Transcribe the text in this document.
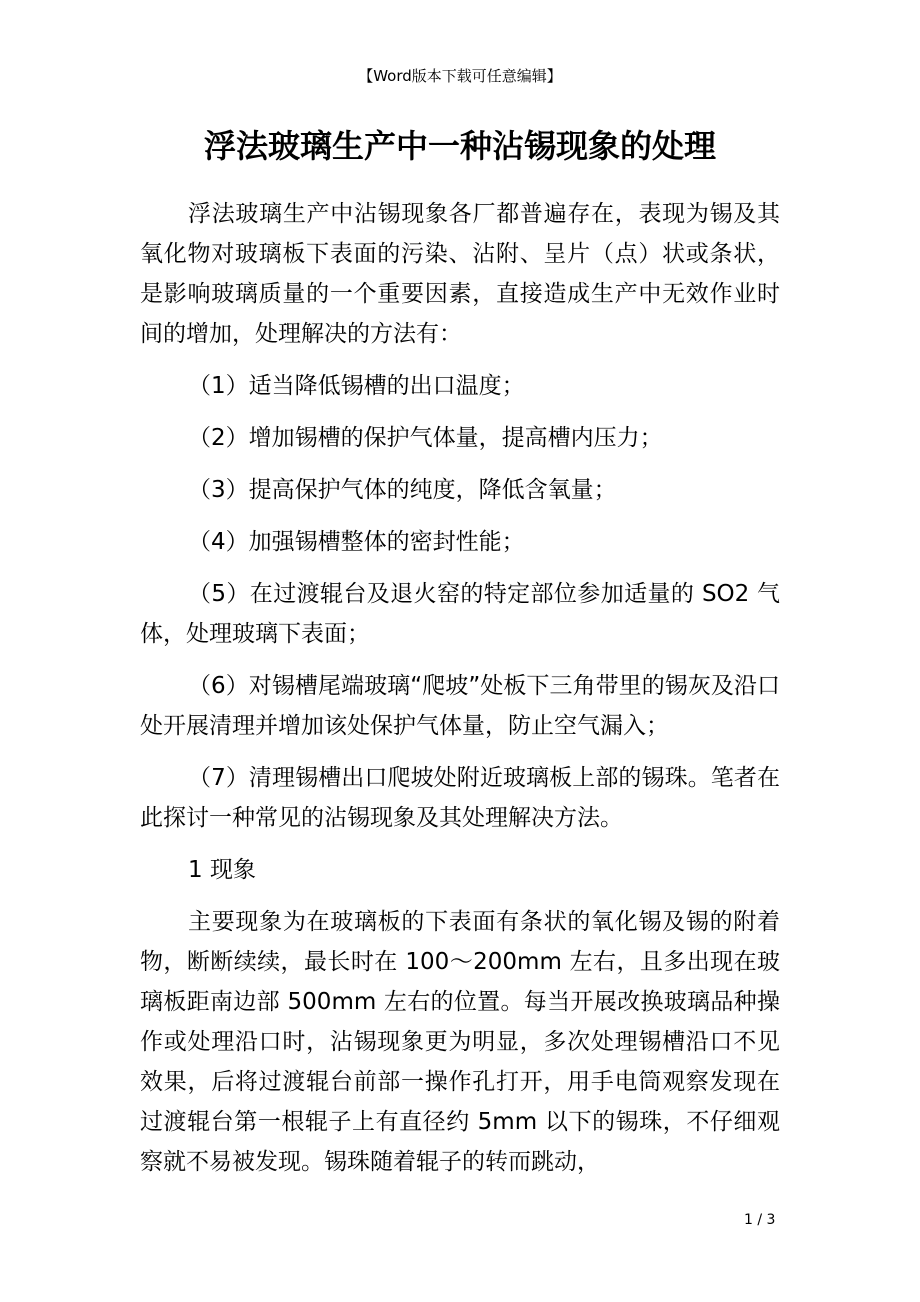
【Word版本下载可任意编辑】
浮法玻璃生产中一种沾锡现象的处理

浮法玻璃生产中沾锡现象各厂都普遍存在，表现为锡及其氧化物对玻璃板下表面的污染、沾附、呈片（点）状或条状，是影响玻璃质量的一个重要因素，直接造成生产中无效作业时间的增加，处理解决的方法有：

（1）适当降低锡槽的出口温度；

（2）增加锡槽的保护气体量，提高槽内压力；

（3）提高保护气体的纯度，降低含氧量；

（4）加强锡槽整体的密封性能；

（5）在过渡辊台及退火窑的特定部位参加适量的 SO2 气体，处理玻璃下表面；

（6）对锡槽尾端玻璃“爬坡”处板下三角带里的锡灰及沿口处开展清理并增加该处保护气体量，防止空气漏入；

（7）清理锡槽出口爬坡处附近玻璃板上部的锡珠。笔者在此探讨一种常见的沾锡现象及其处理解决方法。

1 现象

主要现象为在玻璃板的下表面有条状的氧化锡及锡的附着物，断断续续，最长时在 100～200mm 左右，且多出现在玻璃板距南边部 500mm 左右的位置。每当开展改换玻璃品种操作或处理沿口时，沾锡现象更为明显，多次处理锡槽沿口不见效果，后将过渡辊台前部一操作孔打开，用手电筒观察发现在过渡辊台第一根辊子上有直径约 5mm 以下的锡珠，不仔细观察就不易被发现。锡珠随着辊子的转而跳动，

1 / 3
